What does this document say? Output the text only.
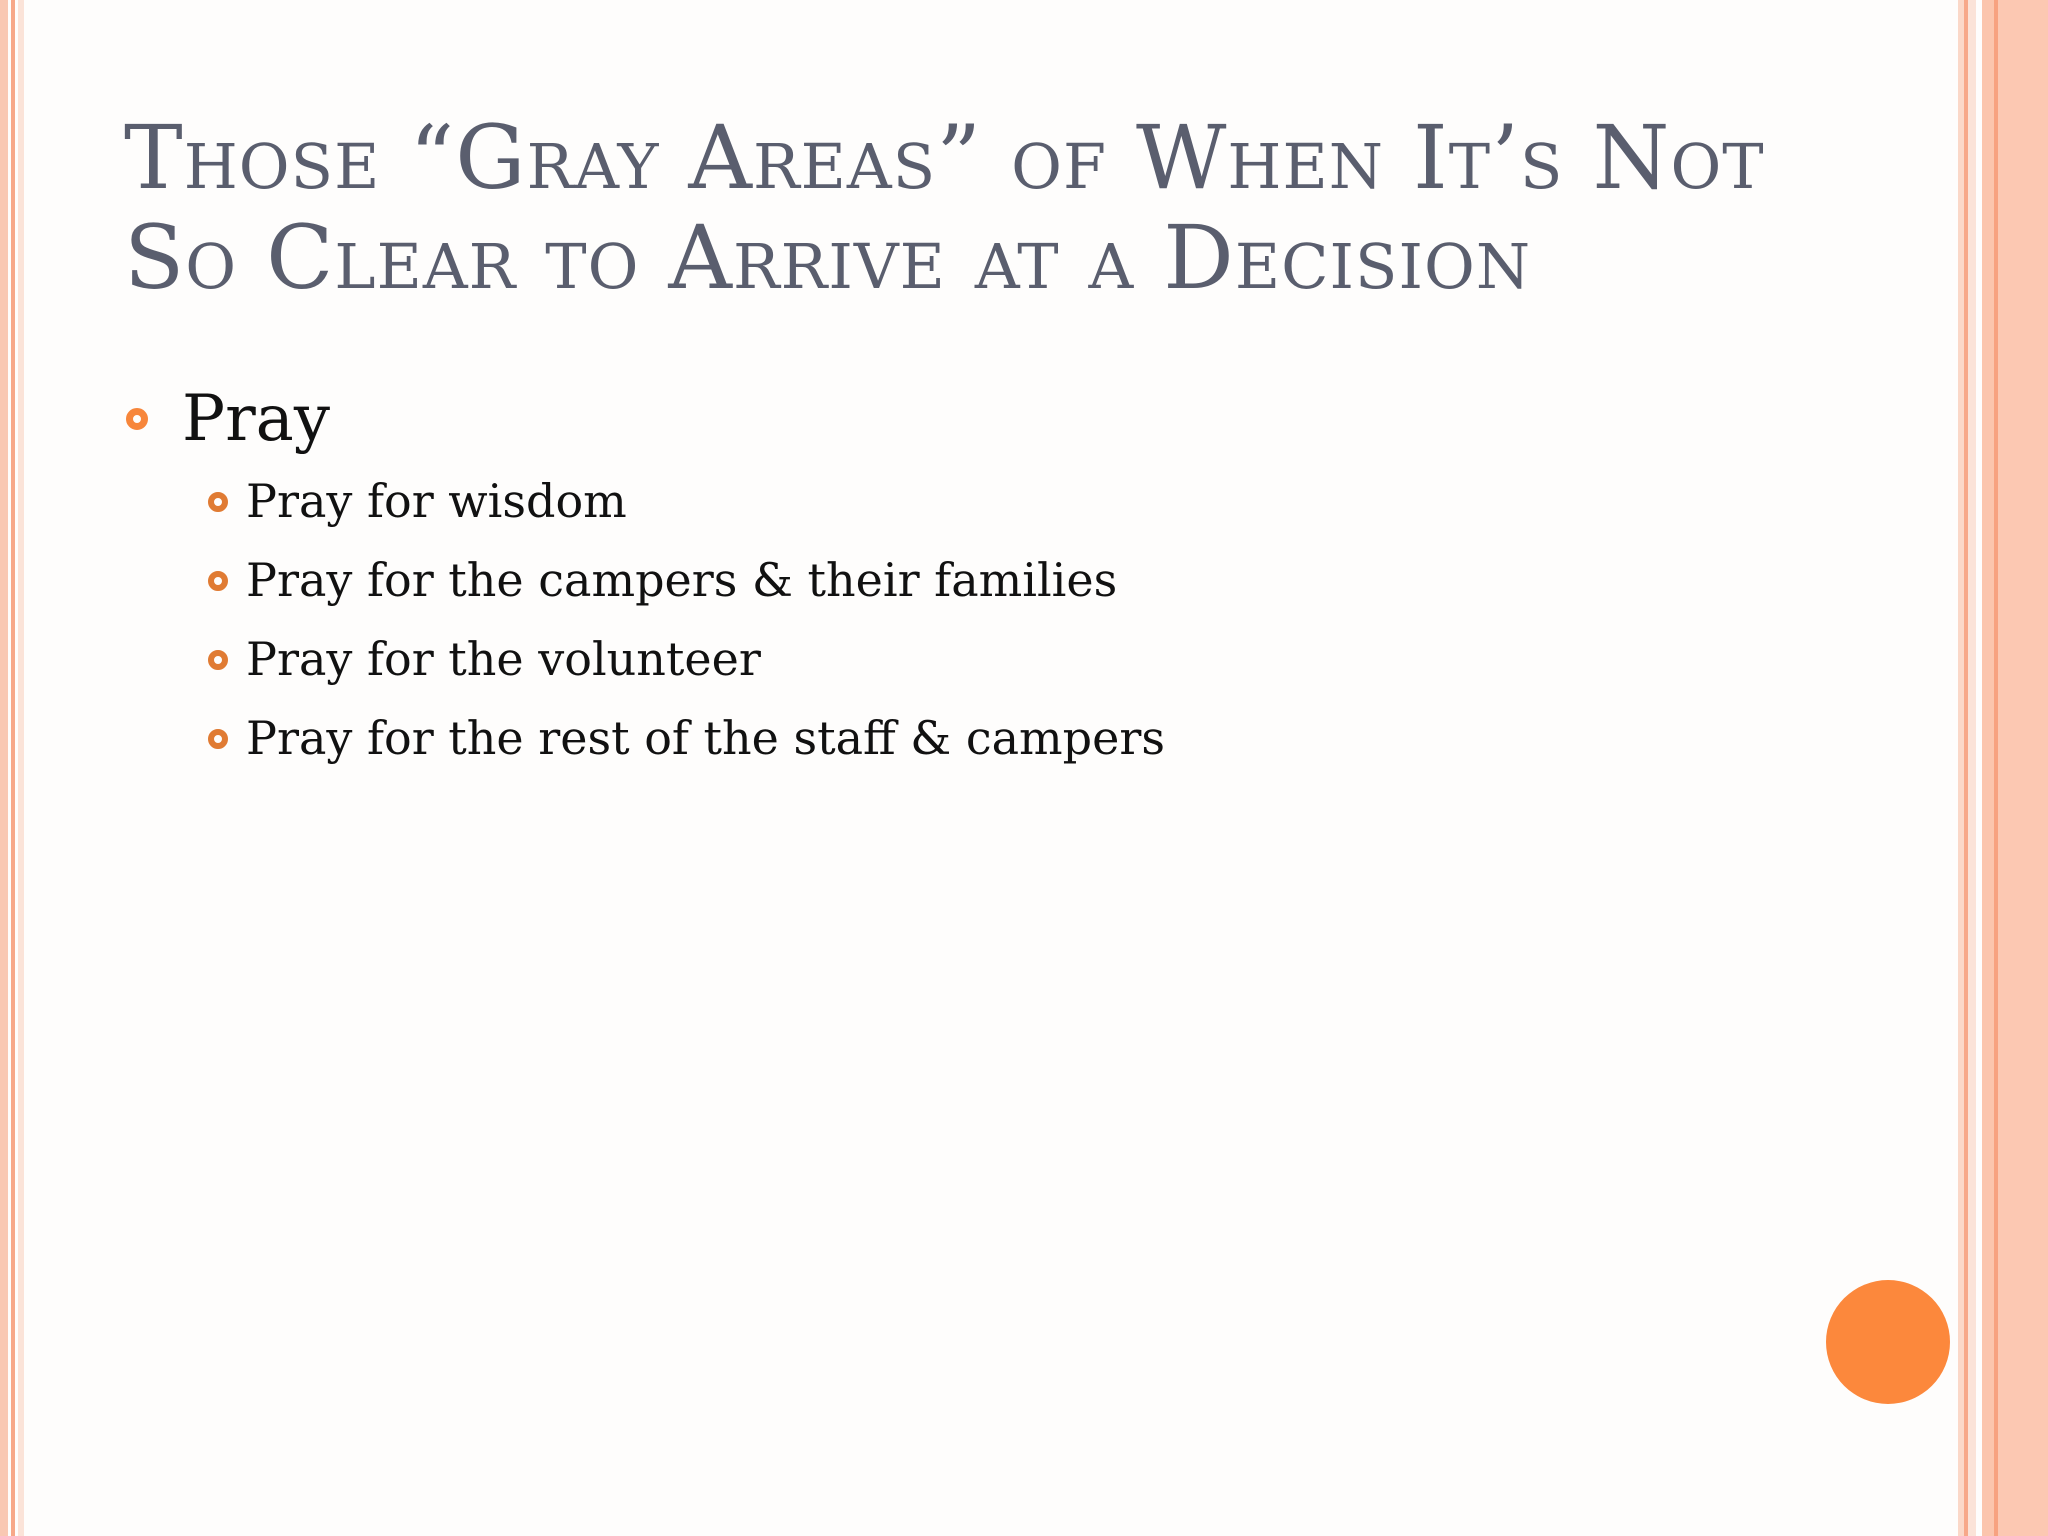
Those “Gray Areas” of When It’s Not So Clear to Arrive at a Decision
Pray
Pray for wisdom
Pray for the campers & their families
Pray for the volunteer
Pray for the rest of the staff & campers
